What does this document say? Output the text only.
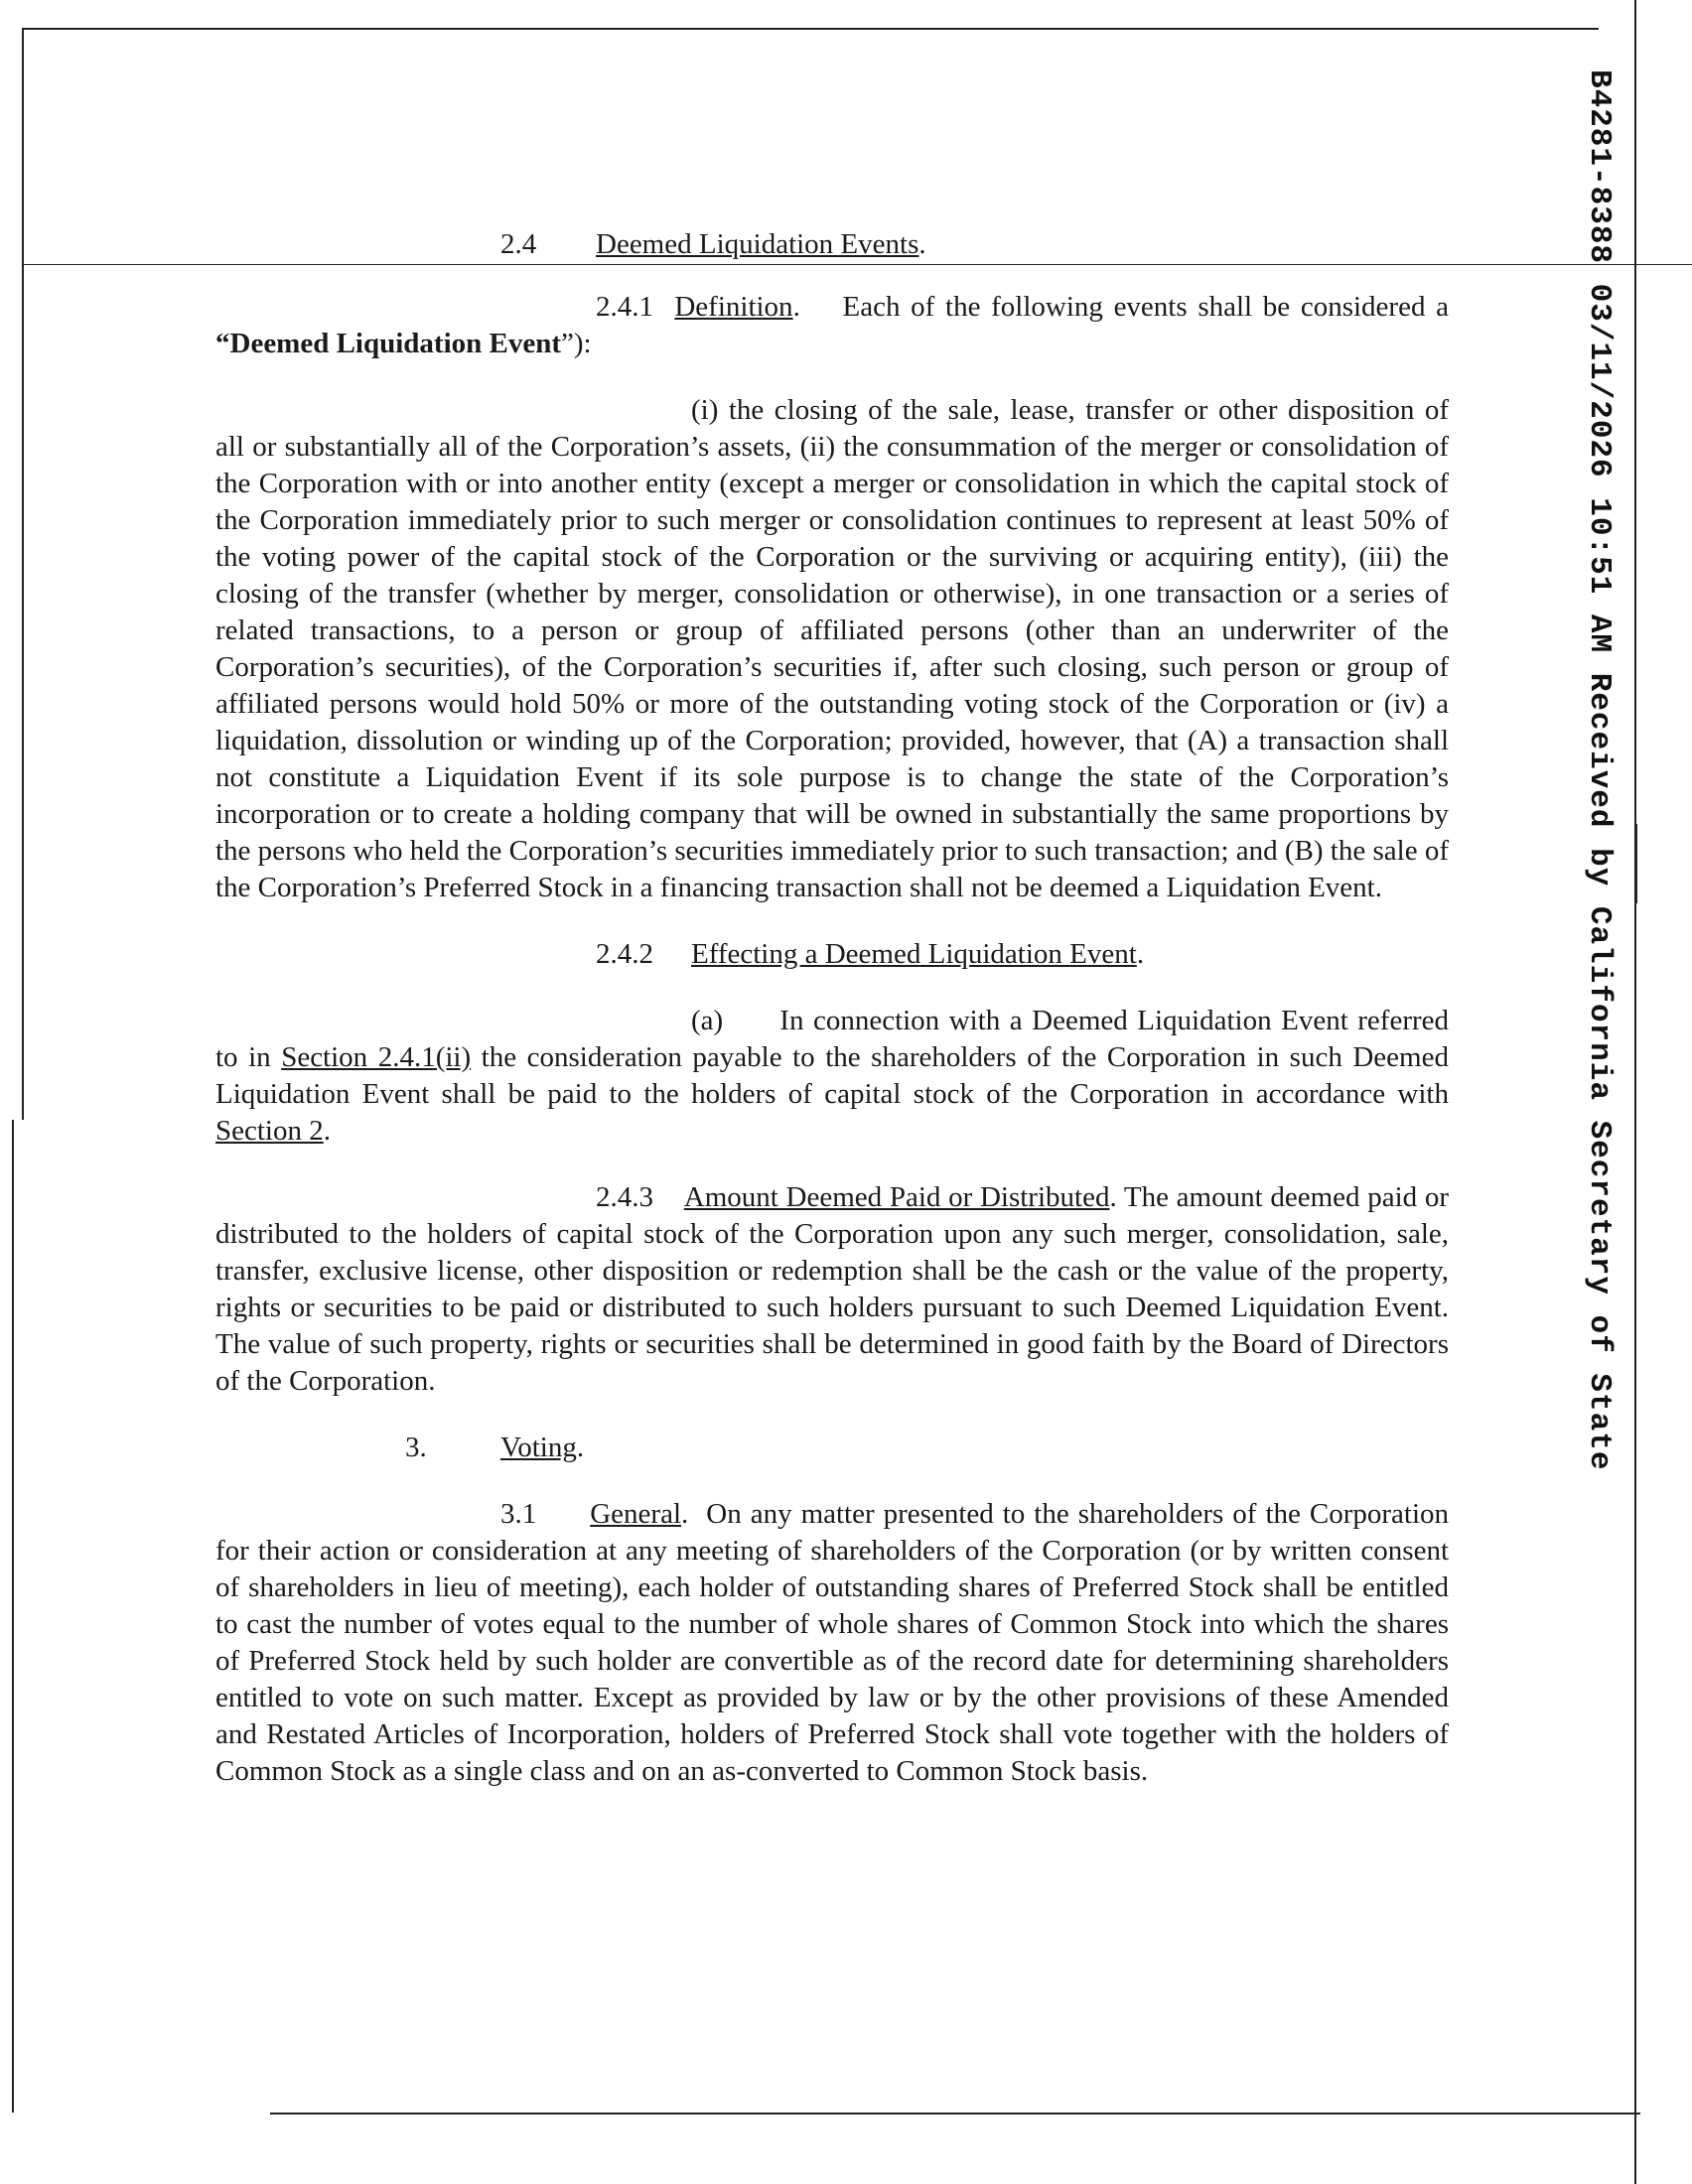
B4281-8388 03/11/2026 10:51 AM Received by California Secretary of State
2.4 Deemed Liquidation Events.

2.4.1 Definition.    Each of the following events shall be considered a “Deemed Liquidation Event”):

(i) the closing of the sale, lease, transfer or other disposition of all or substantially all of the Corporation’s assets, (ii) the consummation of the merger or consolidation of the Corporation with or into another entity (except a merger or consolidation in which the capital stock of the Corporation immediately prior to such merger or consolidation continues to represent at least 50% of the voting power of the capital stock of the Corporation or the surviving or acquiring entity), (iii) the closing of the transfer (whether by merger, consolidation or otherwise), in one transaction or a series of related transactions, to a person or group of affiliated persons (other than an underwriter of the Corporation’s securities), of the Corporation’s securities if, after such closing, such person or group of affiliated persons would hold 50% or more of the outstanding voting stock of the Corporation or (iv) a liquidation, dissolution or winding up of the Corporation; provided, however, that (A) a transaction shall not constitute a Liquidation Event if its sole purpose is to change the state of the Corporation’s incorporation or to create a holding company that will be owned in substantially the same proportions by the persons who held the Corporation’s securities immediately prior to such transaction; and (B) the sale of the Corporation’s Preferred Stock in a financing transaction shall not be deemed a Liquidation Event.

2.4.2 Effecting a Deemed Liquidation Event.

(a) In connection with a Deemed Liquidation Event referred to in Section 2.4.1(ii) the consideration payable to the shareholders of the Corporation in such Deemed Liquidation Event shall be paid to the holders of capital stock of the Corporation in accordance with Section 2.

2.4.3 Amount Deemed Paid or Distributed. The amount deemed paid or distributed to the holders of capital stock of the Corporation upon any such merger, consolidation, sale, transfer, exclusive license, other disposition or redemption shall be the cash or the value of the property, rights or securities to be paid or distributed to such holders pursuant to such Deemed Liquidation Event. The value of such property, rights or securities shall be determined in good faith by the Board of Directors of the Corporation.

3.	Voting.

3.1 General.  On any matter presented to the shareholders of the Corporation for their action or consideration at any meeting of shareholders of the Corporation (or by written consent of shareholders in lieu of meeting), each holder of outstanding shares of Preferred Stock shall be entitled to cast the number of votes equal to the number of whole shares of Common Stock into which the shares of Preferred Stock held by such holder are convertible as of the record date for determining shareholders entitled to vote on such matter. Except as provided by law or by the other provisions of these Amended and Restated Articles of Incorporation, holders of Preferred Stock shall vote together with the holders of Common Stock as a single class and on an as-converted to Common Stock basis.
